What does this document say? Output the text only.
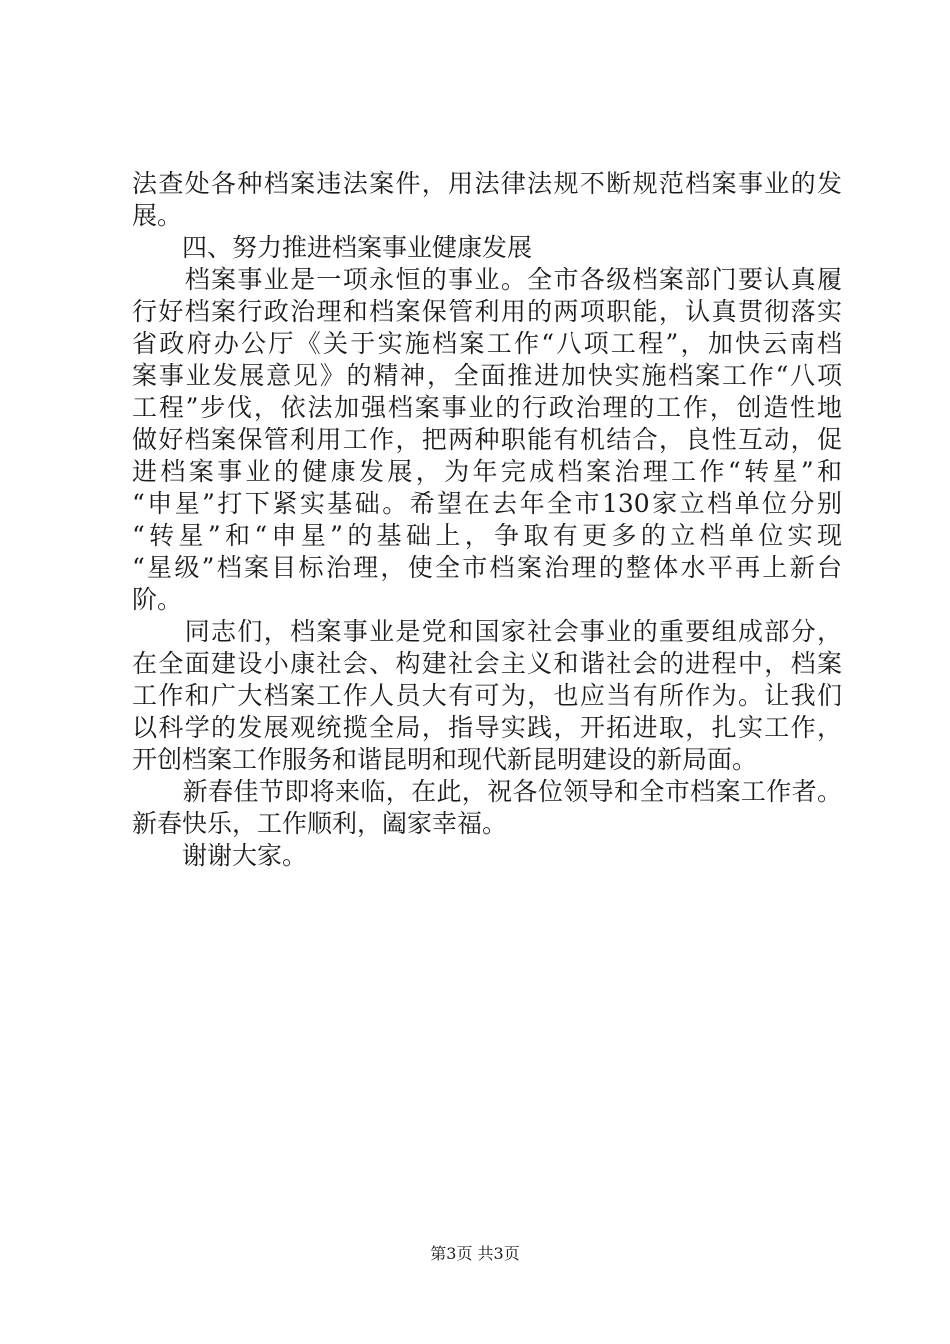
法查处各种档案违法案件，用法律法规不断规范档案事业的发
展。
　　四、努力推进档案事业健康发展
　　档案事业是一项永恒的事业。全市各级档案部门要认真履
行好档案行政治理和档案保管利用的两项职能，认真贯彻落实
省政府办公厅《关于实施档案工作“八项工程”，加快云南档
案事业发展意见》的精神，全面推进加快实施档案工作“八项
工程”步伐，依法加强档案事业的行政治理的工作，创造性地
做好档案保管利用工作，把两种职能有机结合，良性互动，促
进档案事业的健康发展，为年完成档案治理工作“转星”和
“申星”打下紧实基础。希望在去年全市130家立档单位分别
“转星”和“申星”的基础上，争取有更多的立档单位实现
“星级”档案目标治理，使全市档案治理的整体水平再上新台
阶。
　　同志们，档案事业是党和国家社会事业的重要组成部分，
在全面建设小康社会、构建社会主义和谐社会的进程中，档案
工作和广大档案工作人员大有可为，也应当有所作为。让我们
以科学的发展观统揽全局，指导实践，开拓进取，扎实工作，
开创档案工作服务和谐昆明和现代新昆明建设的新局面。
　　新春佳节即将来临，在此，祝各位领导和全市档案工作者。
新春快乐，工作顺利，阖家幸福。
　　谢谢大家。
第3页 共3页
